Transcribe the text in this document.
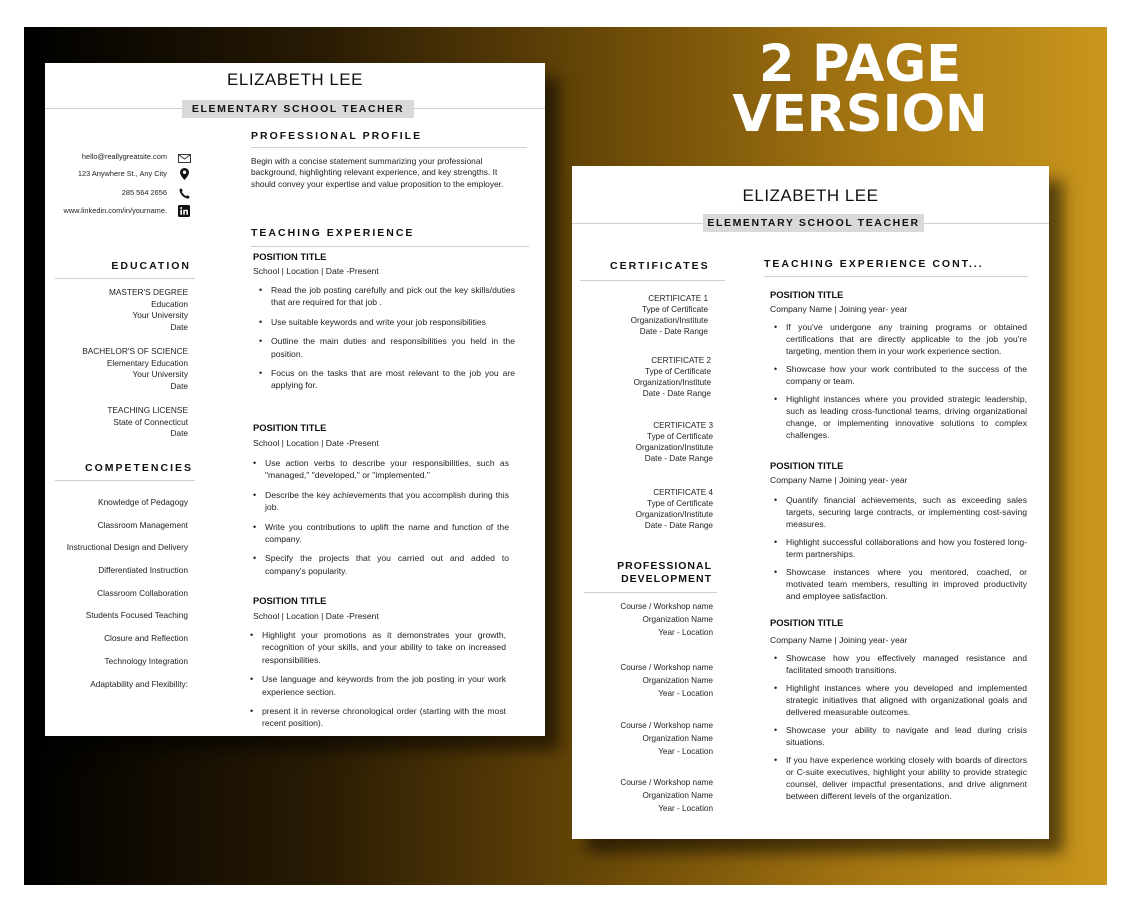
2 PAGE
VERSION
ELIZABETH LEE
ELEMENTARY SCHOOL TEACHER
hello@reallygreatsite.com
123 Anywhere St., Any City
285 564 2656
www.linkedin.com/in/yourname.
EDUCATION
MASTER'S DEGREE
Education
Your University
Date
BACHELOR'S OF SCIENCE
Elementary Education
Your University
Date
TEACHING LICENSE
State of Connecticut
Date
COMPETENCIES
Knowledge of Pedagogy
Classroom Management
Instructional Design and Delivery
Differentiated Instruction
Classroom Collaboration
Students Focused Teaching
Closure and Reflection
Technology Integration
Adaptability and Flexibility:
PROFESSIONAL PROFILE
Begin with a concise statement summarizing your professional background, highlighting relevant experience, and key strengths. It should convey your expertise and value proposition to the employer.
TEACHING EXPERIENCE
POSITION TITLE
School | Location | Date -Present
• Read the job posting carefully and pick out the key skills/duties that are required for that job .
• Use suitable keywords and write your job responsibilities
• Outline the main duties and responsibilities you held in the position.
• Focus on the tasks that are most relevant to the job you are applying for.
POSITION TITLE
School | Location | Date -Present
• Use action verbs to describe your responsibilities, such as "managed," "developed," or "implemented."
• Describe the key achievements that you accomplish during this job.
• Write you contributions to uplift the name and function of the company.
• Specify the projects that you carried out and added to company's popularity.
POSITION TITLE
School | Location | Date -Present
• Highlight your promotions as it demonstrates your growth, recognition of your skills, and your ability to take on increased responsibilities.
• Use language and keywords from the job posting in your work experience section.
• present it in reverse chronological order (starting with the most recent position).
ELIZABETH LEE
ELEMENTARY SCHOOL TEACHER
CERTIFICATES
CERTIFICATE 1
Type of Certificate
Organization/Institute
Date - Date Range
CERTIFICATE 2
Type of Certificate
Organization/Institute
Date - Date Range
CERTIFICATE 3
Type of Certificate
Organization/Institute
Date - Date Range
CERTIFICATE 4
Type of Certificate
Organization/Institute
Date - Date Range
PROFESSIONAL
DEVELOPMENT
Course / Workshop name
Organization Name
Year - Location
Course / Workshop name
Organization Name
Year - Location
Course / Workshop name
Organization Name
Year - Location
Course / Workshop name
Organization Name
Year - Location
TEACHING EXPERIENCE CONT...
POSITION TITLE
Company Name | Joining year- year
• If you've undergone any training programs or obtained certifications that are directly applicable to the job you're targeting, mention them in your work experience section.
• Showcase how your work contributed to the success of the company or team.
• Highlight instances where you provided strategic leadership, such as leading cross-functional teams, driving organizational change, or implementing innovative solutions to complex challenges.
POSITION TITLE
Company Name | Joining year- year
• Quantify financial achievements, such as exceeding sales targets, securing large contracts, or implementing cost-saving measures.
• Highlight successful collaborations and how you fostered long-term partnerships.
• Showcase instances where you mentored, coached, or motivated team members, resulting in improved productivity and employee satisfaction.
POSITION TITLE
Company Name | Joining year- year
• Showcase how you effectively managed resistance and facilitated smooth transitions.
• Highlight instances where you developed and implemented strategic initiatives that aligned with organizational goals and delivered measurable outcomes.
• Showcase your ability to navigate and lead during crisis situations.
• If you have experience working closely with boards of directors or C-suite executives, highlight your ability to provide strategic counsel, deliver impactful presentations, and drive alignment between different levels of the organization.
